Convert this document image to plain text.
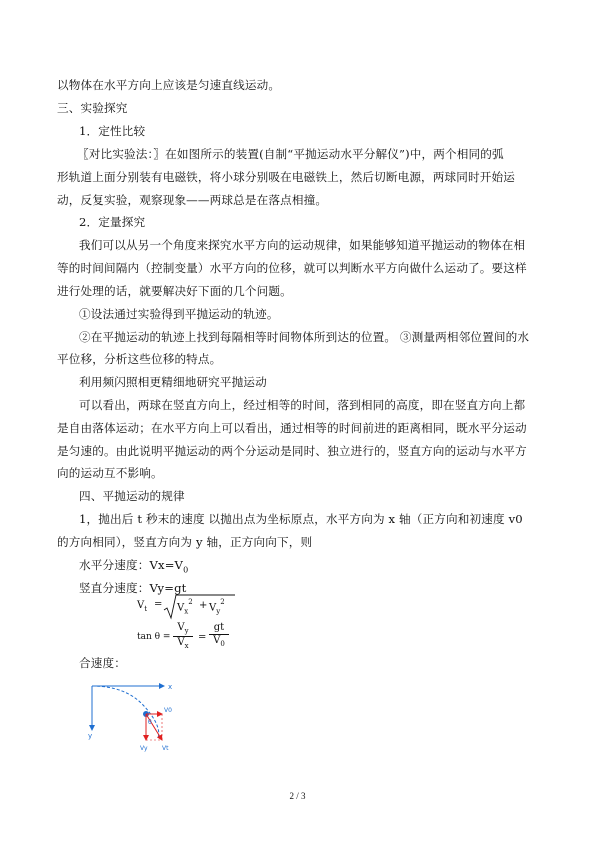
以物体在水平方向上应该是匀速直线运动。
三、实验探究
1．定性比较
〖对比实验法：〗在如图所示的装置(自制“平抛运动水平分解仪”)中，两个相同的弧
形轨道上面分别装有电磁铁，将小球分别吸在电磁铁上，然后切断电源，两球同时开始运
动，反复实验，观察现象——两球总是在落点相撞。
2．定量探究
我们可以从另一个角度来探究水平方向的运动规律，如果能够知道平抛运动的物体在相
等的时间间隔内（控制变量）水平方向的位移，就可以判断水平方向做什么运动了。要这样
进行处理的话，就要解决好下面的几个问题。
①设法通过实验得到平抛运动的轨迹。
②在平抛运动的轨迹上找到每隔相等时间物体所到达的位置。 ③测量两相邻位置间的水
平位移，分析这些位移的特点。
利用频闪照相更精细地研究平抛运动
可以看出，两球在竖直方向上，经过相等的时间，落到相同的高度，即在竖直方向上都
是自由落体运动；在水平方向上可以看出，通过相等的时间前进的距离相同，既水平分运动
是匀速的。由此说明平抛运动的两个分运动是同时、独立进行的，竖直方向的运动与水平方
向的运动互不影响。
四、平抛运动的规律
1，抛出后 t 秒末的速度 以抛出点为坐标原点，水平方向为 x 轴（正方向和初速度 v0
的方向相同），竖直方向为 y 轴，正方向向下，则
水平分速度：$Vx=V_0$
竖直分速度：Vy=gt
$V_t = V_x^2 + V_y^2$
$\tan \theta = \frac{V_y}{V_x} = \frac{gt}{V_0}$
合速度：
x
y
θ
V0
Vy Vt
2 / 3
